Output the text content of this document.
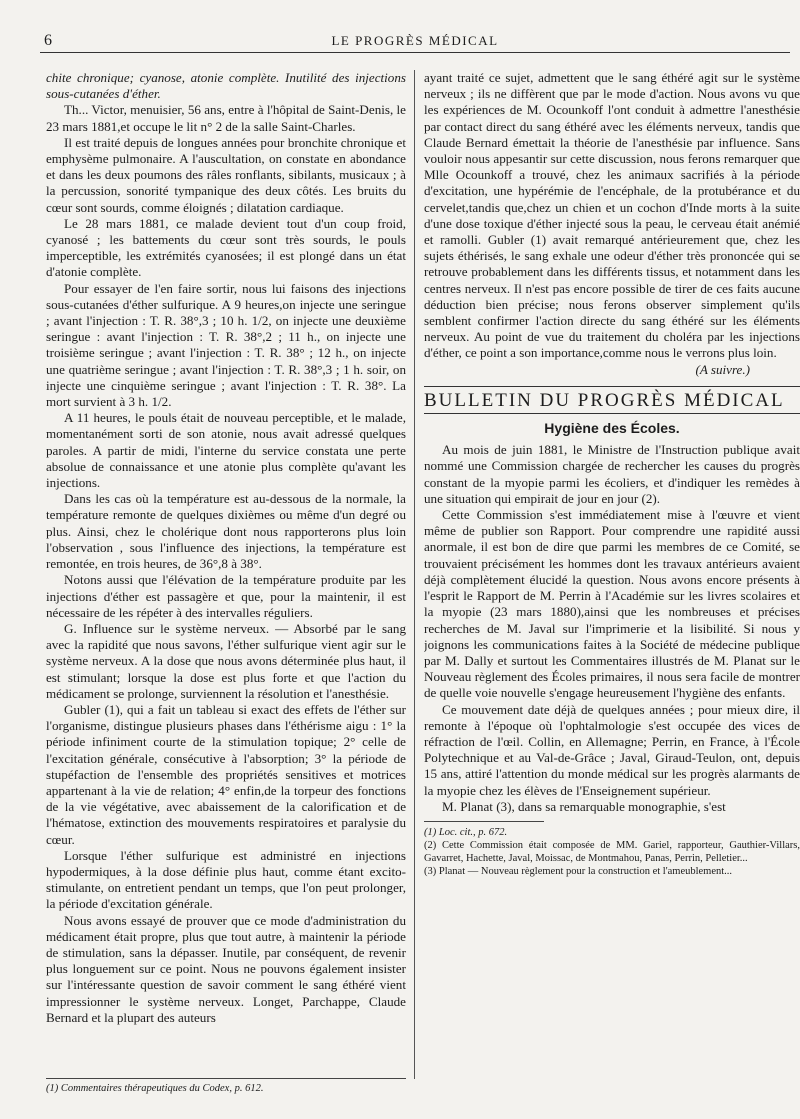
6	LE PROGRÈS MÉDICAL

chite chronique; cyanose, atonie complète. Inutilité des injections sous-cutanées d'éther.

Th... Victor, menuisier, 56 ans, entre à l'hôpital de Saint-Denis, le 23 mars 1881,et occupe le lit n° 2 de la salle Saint-Charles.

Il est traité depuis de longues années pour bronchite chronique et emphysème pulmonaire. A l'auscultation, on constate en abondance et dans les deux poumons des râles ronflants, sibilants, musicaux ; à la percussion, sonorité tympanique des deux côtés. Les bruits du cœur sont sourds, comme éloignés ; dilatation cardiaque.

Le 28 mars 1881, ce malade devient tout d'un coup froid, cyanosé ; les battements du cœur sont très sourds, le pouls imperceptible, les extrémités cyanosées; il est plongé dans un état d'atonie complète.

Pour essayer de l'en faire sortir, nous lui faisons des injections sous-cutanées d'éther sulfurique. A 9 heures,on injecte une seringue ; avant l'injection : T. R. 38°,3 ; 10 h. 1/2, on injecte une deuxième seringue : avant l'injection : T. R. 38°,2 ; 11 h., on injecte une troisième seringue ; avant l'injection : T. R. 38° ; 12 h., on injecte une quatrième seringue ; avant l'injection : T. R. 38°,3 ; 1 h. soir, on injecte une cinquième seringue ; avant l'injection : T. R. 38°. La mort survient à 3 h. 1/2.

A 11 heures, le pouls était de nouveau perceptible, et le malade, momentanément sorti de son atonie, nous avait adressé quelques paroles. A partir de midi, l'interne du service constata une perte absolue de connaissance et une atonie plus complète qu'avant les injections.

Dans les cas où la température est au-dessous de la normale, la température remonte de quelques dixièmes ou même d'un degré ou plus. Ainsi, chez le cholérique dont nous rapporterons plus loin l'observation , sous l'influence des injections, la température est remontée, en trois heures, de 36°,8 à 38°.

Notons aussi que l'élévation de la température produite par les injections d'éther est passagère et que, pour la maintenir, il est nécessaire de les répéter à des intervalles réguliers.

G. Influence sur le système nerveux. — Absorbé par le sang avec la rapidité que nous savons, l'éther sulfurique vient agir sur le système nerveux. A la dose que nous avons déterminée plus haut, il est stimulant; lorsque la dose est plus forte et que l'action du médicament se prolonge, surviennent la résolution et l'anesthésie.

Gubler (1), qui a fait un tableau si exact des effets de l'éther sur l'organisme, distingue plusieurs phases dans l'éthérisme aigu : 1° la période infiniment courte de la stimulation topique; 2° celle de l'excitation générale, consécutive à l'absorption; 3° la période de stupéfaction de l'ensemble des propriétés sensitives et motrices appartenant à la vie de relation; 4° enfin,de la torpeur des fonctions de la vie végétative, avec abaissement de la calorification et de l'hématose, extinction des mouvements respiratoires et paralysie du cœur.

Lorsque l'éther sulfurique est administré en injections hypodermiques, à la dose définie plus haut, comme étant excito-stimulante, on entretient pendant un temps, que l'on peut prolonger, la période d'excitation générale.

Nous avons essayé de prouver que ce mode d'administration du médicament était propre, plus que tout autre, à maintenir la période de stimulation, sans la dépasser. Inutile, par conséquent, de revenir plus longuement sur ce point. Nous ne pouvons également insister sur l'intéressante question de savoir comment le sang éthéré vient impressionner le système nerveux. Longet, Parchappe, Claude Bernard et la plupart des auteurs

(1) Commentaires thérapeutiques du Codex, p. 612.

ayant traité ce sujet, admettent que le sang éthéré agit sur le système nerveux ; ils ne diffèrent que par le mode d'action. Nous avons vu que les expériences de M. Ocounkoff l'ont conduit à admettre l'anesthésie par contact direct du sang éthéré avec les éléments nerveux, tandis que Claude Bernard émettait la théorie de l'anesthésie par influence. Sans vouloir nous appesantir sur cette discussion, nous ferons remarquer que Mlle Ocounkoff a trouvé, chez les animaux sacrifiés à la période d'excitation, une hypérémie de l'encéphale, de la protubérance et du cervelet,tandis que,chez un chien et un cochon d'Inde morts à la suite d'une dose toxique d'éther injecté sous la peau, le cerveau était anémié et ramolli. Gubler (1) avait remarqué antérieurement que, chez les sujets éthérisés, le sang exhale une odeur d'éther très prononcée qui se retrouve probablement dans les différents tissus, et notamment dans les centres nerveux. Il n'est pas encore possible de tirer de ces faits aucune déduction bien précise; nous ferons observer simplement qu'ils semblent confirmer l'action directe du sang éthéré sur les éléments nerveux. Au point de vue du traitement du choléra par les injections d'éther, ce point a son importance,comme nous le verrons plus loin.

(A suivre.)

BULLETIN DU PROGRÈS MÉDICAL
Hygiène des Écoles.

Au mois de juin 1881, le Ministre de l'Instruction publique avait nommé une Commission chargée de rechercher les causes du progrès constant de la myopie parmi les écoliers, et d'indiquer les remèdes à une situation qui empirait de jour en jour (2).

Cette Commission s'est immédiatement mise à l'œuvre et vient même de publier son Rapport. Pour comprendre une rapidité aussi anormale, il est bon de dire que parmi les membres de ce Comité, se trouvaient précisément les hommes dont les travaux antérieurs avaient déjà complètement élucidé la question. Nous avons encore présents à l'esprit le Rapport de M. Perrin à l'Académie sur les livres scolaires et la myopie (23 mars 1880),ainsi que les nombreuses et précises recherches de M. Javal sur l'imprimerie et la lisibilité. Si nous y joignons les communications faites à la Société de médecine publique par M. Dally et surtout les Commentaires illustrés de M. Planat sur le Nouveau règlement des Écoles primaires, il nous sera facile de montrer de quelle voie nouvelle s'engage heureusement l'hygiène des enfants.

Ce mouvement date déjà de quelques années ; pour mieux dire, il remonte à l'époque où l'ophtalmologie s'est occupée des vices de réfraction de l'œil. Collin, en Allemagne; Perrin, en France, à l'École Polytechnique et au Val-de-Grâce ; Javal, Giraud-Teulon, ont, depuis 15 ans, attiré l'attention du monde médical sur les progrès alarmants de la myopie chez les élèves de l'Enseignement supérieur.

M. Planat (3), dans sa remarquable monographie, s'est

(1) Loc. cit., p. 672.

(2) Cette Commission était composée de MM. Gariel, rapporteur, Gauthier-Villars, Gavarret, Hachette, Javal, Moissac, de Montmahou, Panas, Perrin, Pelletier...

(3) Planat — Nouveau règlement pour la construction et l'ameublement...
